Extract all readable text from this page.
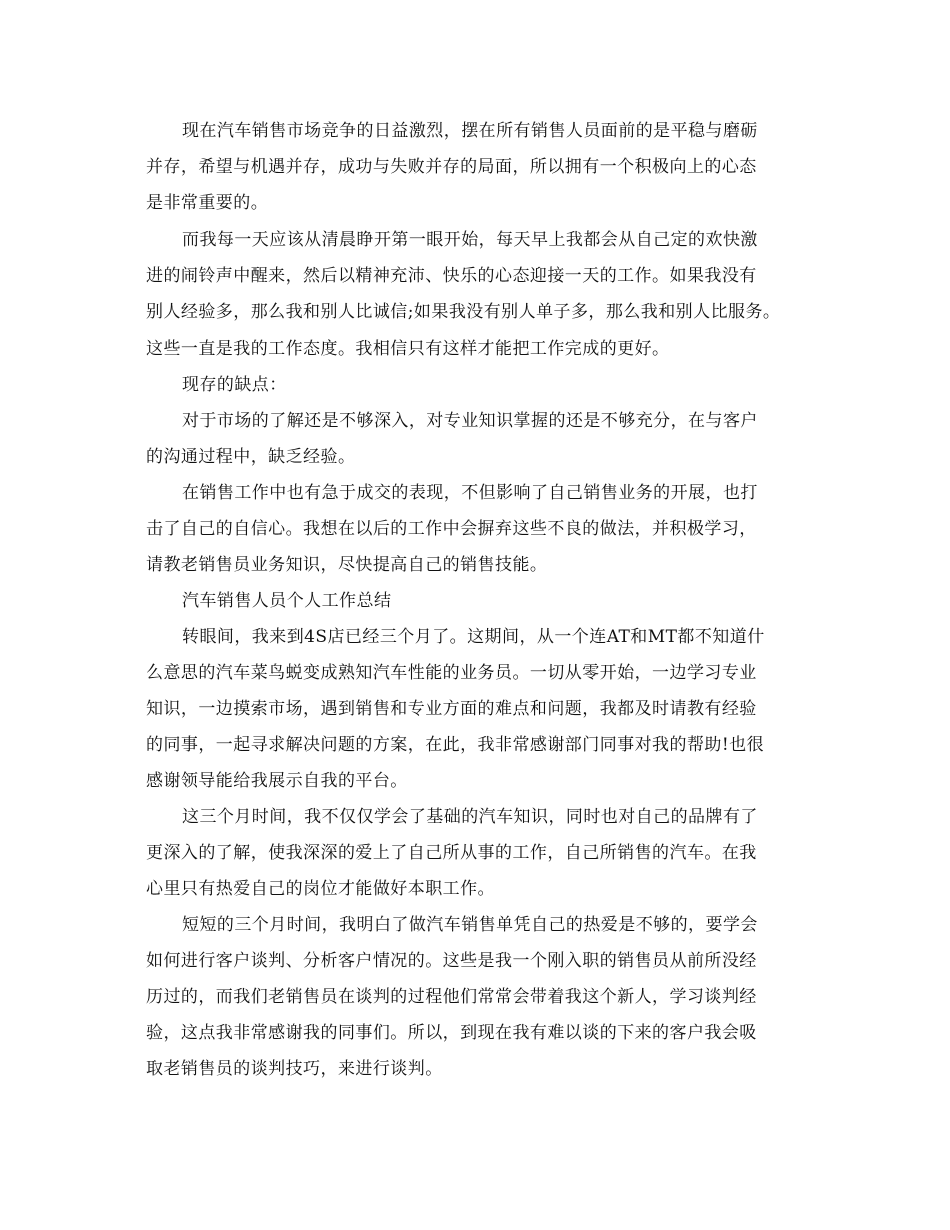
现在汽车销售市场竞争的日益激烈，摆在所有销售人员面前的是平稳与磨砺
并存，希望与机遇并存，成功与失败并存的局面，所以拥有一个积极向上的心态
是非常重要的。
而我每一天应该从清晨睁开第一眼开始，每天早上我都会从自己定的欢快激
进的闹铃声中醒来，然后以精神充沛、快乐的心态迎接一天的工作。如果我没有
别人经验多，那么我和别人比诚信;如果我没有别人单子多，那么我和别人比服务。
这些一直是我的工作态度。我相信只有这样才能把工作完成的更好。
现存的缺点：
对于市场的了解还是不够深入，对专业知识掌握的还是不够充分，在与客户
的沟通过程中，缺乏经验。
在销售工作中也有急于成交的表现，不但影响了自己销售业务的开展，也打
击了自己的自信心。我想在以后的工作中会摒弃这些不良的做法，并积极学习，
请教老销售员业务知识，尽快提高自己的销售技能。
汽车销售人员个人工作总结
转眼间，我来到4S店已经三个月了。这期间，从一个连AT和MT都不知道什
么意思的汽车菜鸟蜕变成熟知汽车性能的业务员。一切从零开始，一边学习专业
知识，一边摸索市场，遇到销售和专业方面的难点和问题，我都及时请教有经验
的同事，一起寻求解决问题的方案，在此，我非常感谢部门同事对我的帮助!也很
感谢领导能给我展示自我的平台。
这三个月时间，我不仅仅学会了基础的汽车知识，同时也对自己的品牌有了
更深入的了解，使我深深的爱上了自己所从事的工作，自己所销售的汽车。在我
心里只有热爱自己的岗位才能做好本职工作。
短短的三个月时间，我明白了做汽车销售单凭自己的热爱是不够的，要学会
如何进行客户谈判、分析客户情况的。这些是我一个刚入职的销售员从前所没经
历过的，而我们老销售员在谈判的过程他们常常会带着我这个新人，学习谈判经
验，这点我非常感谢我的同事们。所以，到现在我有难以谈的下来的客户我会吸
取老销售员的谈判技巧，来进行谈判。
